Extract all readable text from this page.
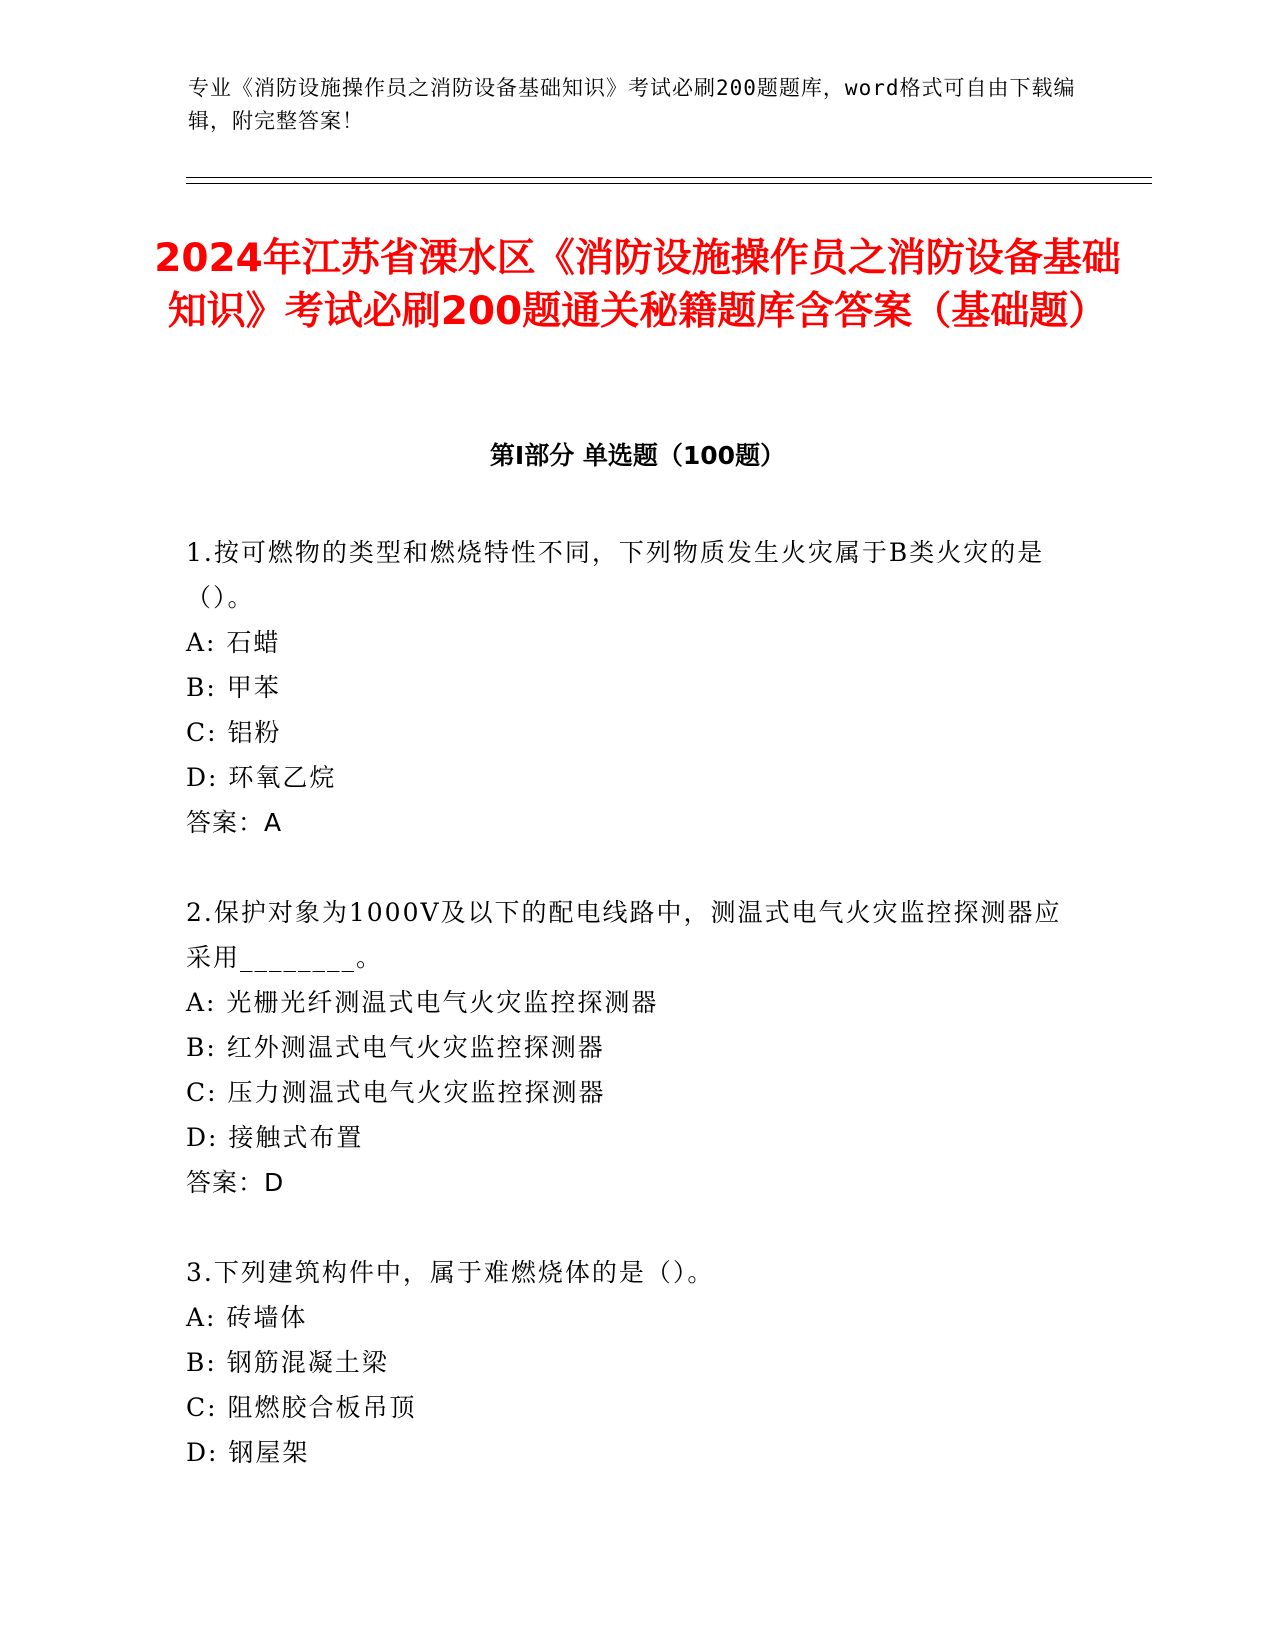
专业《消防设施操作员之消防设备基础知识》考试必刷200题题库，word格式可自由下载编辑，附完整答案！
2024年江苏省溧水区《消防设施操作员之消防设备基础知识》考试必刷200题通关秘籍题库含答案（基础题）
第I部分 单选题（100题）
1.按可燃物的类型和燃烧特性不同，下列物质发生火灾属于B类火灾的是（）。
A: 石蜡
B: 甲苯
C: 铝粉
D: 环氧乙烷
答案：A
2.保护对象为1000V及以下的配电线路中，测温式电气火灾监控探测器应采用________。
A: 光栅光纤测温式电气火灾监控探测器
B: 红外测温式电气火灾监控探测器
C: 压力测温式电气火灾监控探测器
D: 接触式布置
答案：D
3.下列建筑构件中，属于难燃烧体的是（）。
A: 砖墙体
B: 钢筋混凝土梁
C: 阻燃胶合板吊顶
D: 钢屋架
